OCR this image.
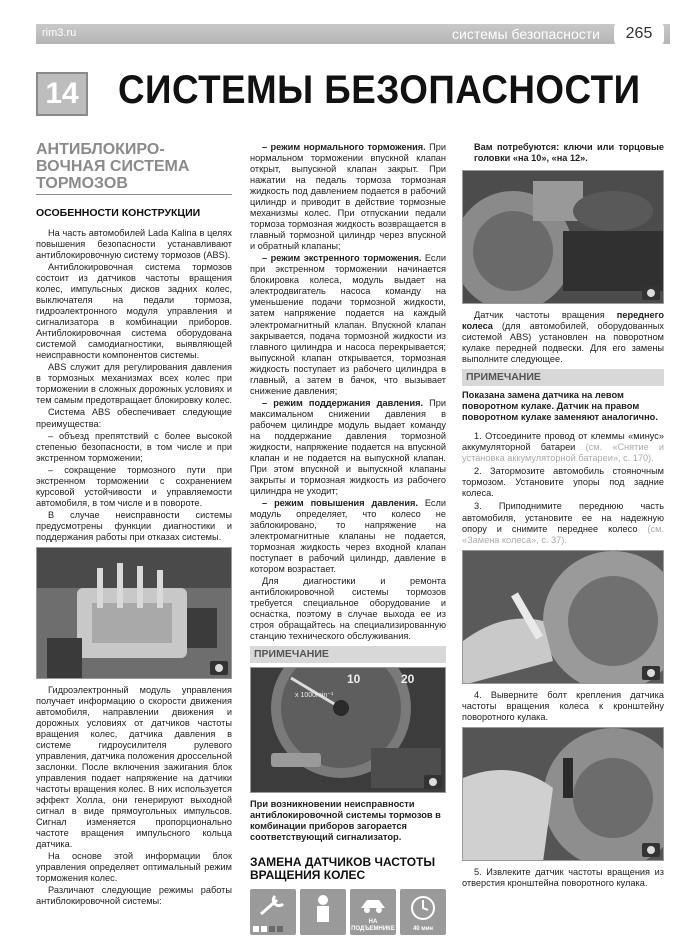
rim3.ru	системы безопасности	265
14 СИСТЕМЫ БЕЗОПАСНОСТИ
АНТИБЛОКИРО-ВОЧНАЯ СИСТЕМА ТОРМОЗОВ
ОСОБЕННОСТИ КОНСТРУКЦИИ
На часть автомобилей Lada Kalina в целях повышения безопасности устанавливают антиблокировочную систему тормозов (ABS).
Антиблокировочная система тормозов состоит из датчиков частоты вращения колес, импульсных дисков задних колес, выключателя на педали тормоза, гидроэлектронного модуля управления и сигнализатора в комбинации приборов. Антиблокировочная система оборудована системой самодиагностики, выявляющей неисправности компонентов системы.
ABS служит для регулирования давления в тормозных механизмах всех колес при торможении в сложных дорожных условиях и тем самым предотвращает блокировку колес.
Система ABS обеспечивает следующие преимущества:
– объезд препятствий с более высокой степенью безопасности, в том числе и при экстренном торможении;
– сокращение тормозного пути при экстренном торможении с сохранением курсовой устойчивости и управляемости автомобиля, в том числе и в повороте.
В случае неисправности системы предусмотрены функции диагностики и поддержания работы при отказах системы.
Гидроэлектронный модуль управления получает информацию о скорости движения автомобиля, направлении движения и дорожных условиях от датчиков частоты вращения колес, датчика давления в системе гидроусилителя рулевого управления, датчика положения дроссельной заслонки. После включения зажигания блок управления подает напряжение на датчики частоты вращения колес. В них используется эффект Холла, они генерируют выходной сигнал в виде прямоугольных импульсов. Сигнал изменяется пропорционально частоте вращения импульсного кольца датчика.
На основе этой информации блок управления определяет оптимальный режим торможения колес.
Различают следующие режимы работы антиблокировочной системы:
– режим нормального торможения. При нормальном торможении впускной клапан открыт, выпускной клапан закрыт. При нажатии на педаль тормоза тормозная жидкость под давлением подается в рабочий цилиндр и приводит в действие тормозные механизмы колес. При отпускании педали тормоза тормозная жидкость возвращается в главный тормозной цилиндр через впускной и обратный клапаны;
– режим экстренного торможения. Если при экстренном торможении начинается блокировка колеса, модуль выдает на электродвигатель насоса команду на уменьшение подачи тормозной жидкости, затем напряжение подается на каждый электромагнитный клапан. Впускной клапан закрывается, подача тормозной жидкости из главного цилиндра и насоса перекрывается; выпускной клапан открывается, тормозная жидкость поступает из рабочего цилиндра в главный, а затем в бачок, что вызывает снижение давления;
– режим поддержания давления. При максимальном снижении давления в рабочем цилиндре модуль выдает команду на поддержание давления тормозной жидкости, напряжение подается на впускной клапан и не подается на выпускной клапан. При этом впускной и выпускной клапаны закрыты и тормозная жидкость из рабочего цилиндра не уходит;
– режим повышения давления. Если модуль определяет, что колесо не заблокировано, то напряжение на электромагнитные клапаны не подается, тормозная жидкость через входной клапан поступает в рабочий цилиндр, давление в котором возрастает.
Для диагностики и ремонта антиблокировочной системы тормозов требуется специальное оборудование и оснастка, поэтому в случае выхода ее из строя обращайтесь на специализированную станцию технического обслуживания.
ПРИМЕЧАНИЕ
x 1000min⁻¹
10	20
При возникновении неисправности антиблокировочной системы тормозов в комбинации приборов загорается соответствующий сигнализатор.
ЗАМЕНА ДАТЧИКОВ ЧАСТОТЫ ВРАЩЕНИЯ КОЛЕС
НА ПОДЪЕМНИКЕ	40 мин
Вам потребуются: ключи или торцовые головки «на 10», «на 12».
Датчик частоты вращения переднего колеса (для автомобилей, оборудованных системой ABS) установлен на поворотном кулаке передней подвески. Для его замены выполните следующее.
ПРИМЕЧАНИЕ
Показана замена датчика на левом поворотном кулаке. Датчик на правом поворотном кулаке заменяют аналогично.
1. Отсоедините провод от клеммы «минус» аккумуляторной батареи (см. «Снятие и установка аккумуляторной батареи», с. 170).
2. Затормозите автомобиль стояночным тормозом. Установите упоры под задние колеса.
3. Приподнимите переднюю часть автомобиля, установите ее на надежную опору и снимите переднее колесо (см. «Замена колеса», с. 37).
4. Выверните болт крепления датчика частоты вращения колеса к кронштейну поворотного кулака.
5. Извлеките датчик частоты вращения из отверстия кронштейна поворотного кулака.
